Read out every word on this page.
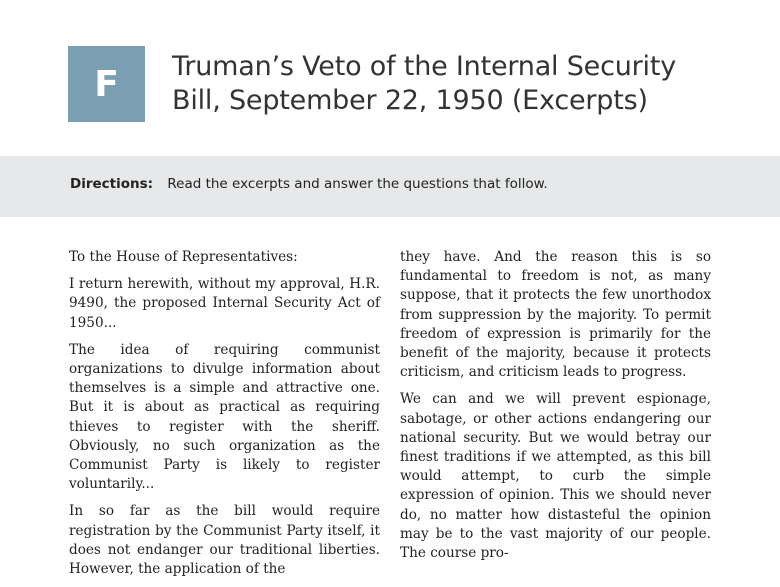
F	Truman’s Veto of the Internal Security
Bill, September 22, 1950 (Excerpts)
Directions: Read the excerpts and answer the questions that follow.

To the House of Representatives:

I return herewith, without my approval, H.R. 9490, the proposed Internal Security Act of 1950...

The idea of requiring communist organizations to divulge information about themselves is a simple and attractive one. But it is about as practical as requiring thieves to register with the sheriff. Obviously, no such organization as the Communist Party is likely to register voluntarily...

In so far as the bill would require registration by the Communist Party itself, it does not endanger our traditional liberties. However, the application of the

they have. And the reason this is so fundamental to freedom is not, as many suppose, that it protects the few unorthodox from suppression by the majority. To permit freedom of expression is primarily for the benefit of the majority, because it protects criticism, and criticism leads to progress.

We can and we will prevent espionage, sabotage, or other actions endangering our national security. But we would betray our finest traditions if we attempted, as this bill would attempt, to curb the simple expression of opinion. This we should never do, no matter how distasteful the opinion may be to the vast majority of our people. The course pro-
